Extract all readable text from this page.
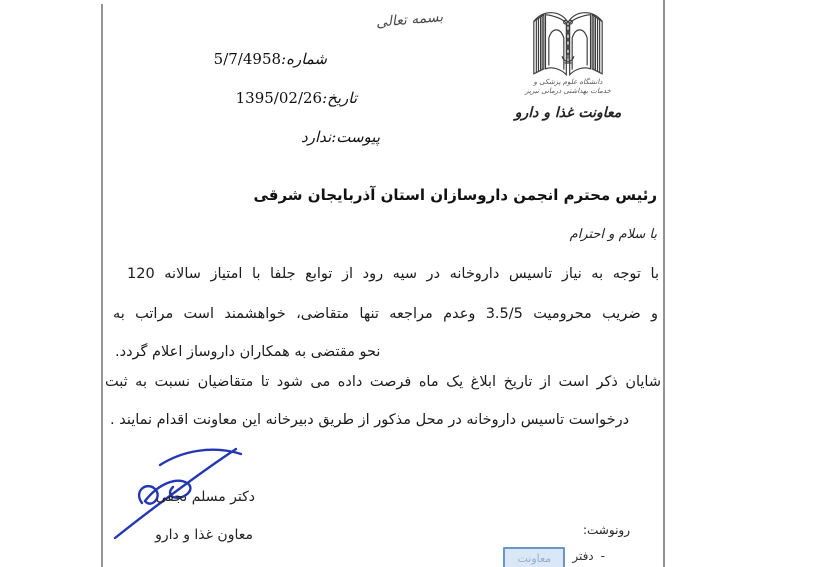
بسمه تعالی
شماره:5/7/4958
تاریخ:1395/02/26
پیوست:ندارد
دانشگاه علوم پزشکی و
خدمات بهداشتی درمانی تبریز
معاونت غذا و دارو
رئیس محترم انجمن داروسازان استان آذربایجان شرقی
با سلام و احترام
با توجه به نیاز تاسیس داروخانه در سیه رود از توابع جلفا با امتیاز سالانه 120
و ضریب محرومیت 3.5/5 وعدم مراجعه تنها متقاضی، خواهشمند است مراتب به
نحو مقتضی به همکاران داروساز اعلام گردد.
شایان ذکر است از تاریخ ابلاغ یک ماه فرصت داده می شود تا متقاضیان نسبت به ثبت
درخواست تاسیس داروخانه در محل مذکور از طریق دبیرخانه این معاونت اقدام نمایند .
دکتر مسلم نجفی
معاون غذا و دارو	رونوشت:
-
دفتر
معاونت
